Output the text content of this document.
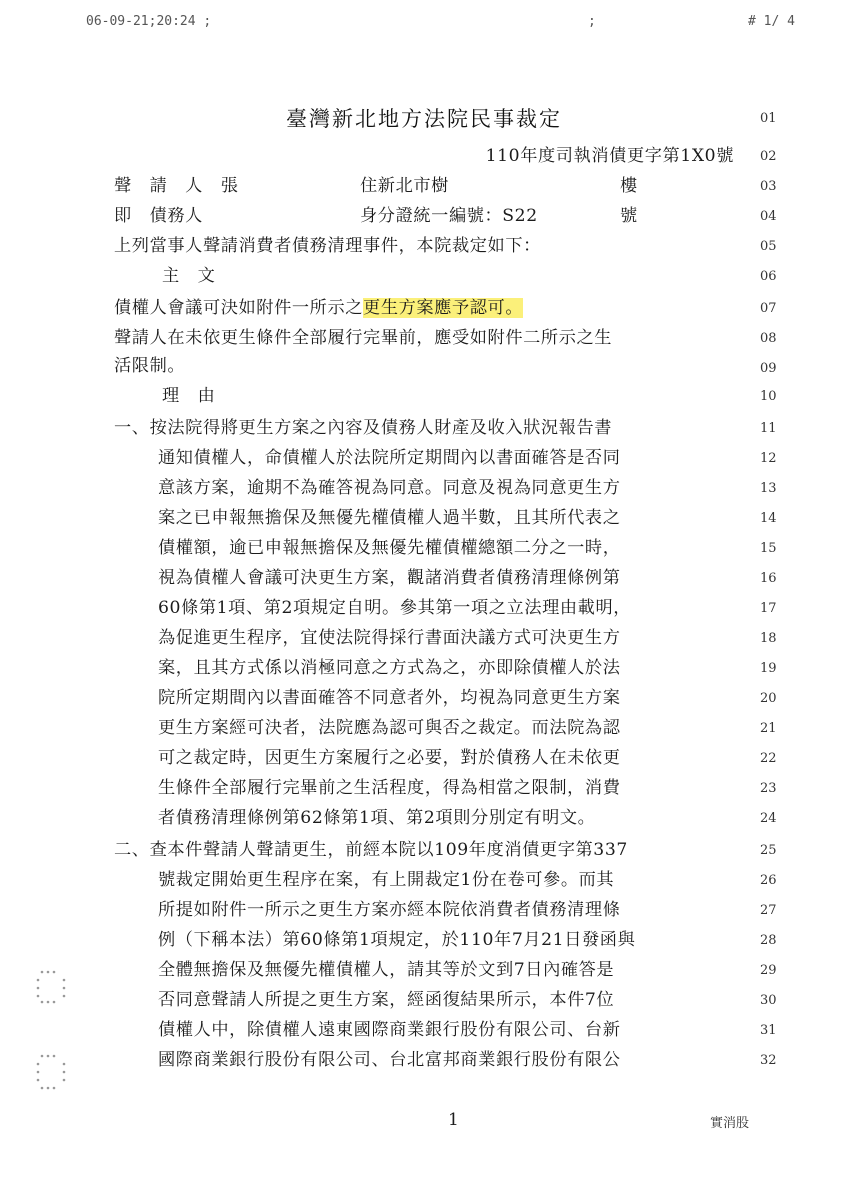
06-09-21;20:24 ;	;	# 1/ 4
臺灣新北地方法院民事裁定	01
110年度司執消債更字第1X0號 02
聲　請　人　張	住新北市樹	樓	03
即　債務人	身分證統一編號：S22	號	04
上列當事人聲請消費者債務清理事件，本院裁定如下：	05
主　文	06
債權人會議可決如附件一所示之更生方案應予認可。	07
聲請人在未依更生條件全部履行完畢前，應受如附件二所示之生	08
活限制。	09
理　由	10
一、按法院得將更生方案之內容及債務人財產及收入狀況報告書	11
通知債權人，命債權人於法院所定期間內以書面確答是否同	12
意該方案，逾期不為確答視為同意。同意及視為同意更生方	13
案之已申報無擔保及無優先權債權人過半數，且其所代表之	14
債權額，逾已申報無擔保及無優先權債權總額二分之一時，	15
視為債權人會議可決更生方案，觀諸消費者債務清理條例第	16
60條第1項、第2項規定自明。參其第一項之立法理由載明，	17
為促進更生程序，宜使法院得採行書面決議方式可決更生方	18
案，且其方式係以消極同意之方式為之，亦即除債權人於法	19
院所定期間內以書面確答不同意者外，均視為同意更生方案	20
更生方案經可決者，法院應為認可與否之裁定。而法院為認	21
可之裁定時，因更生方案履行之必要，對於債務人在未依更	22
生條件全部履行完畢前之生活程度，得為相當之限制，消費	23
者債務清理條例第62條第1項、第2項則分別定有明文。	24
二、查本件聲請人聲請更生，前經本院以109年度消債更字第337	25
號裁定開始更生程序在案，有上開裁定1份在卷可參。而其	26
所提如附件一所示之更生方案亦經本院依消費者債務清理條	27
例（下稱本法）第60條第1項規定，於110年7月21日發函與	28
全體無擔保及無優先權債權人，請其等於文到7日內確答是	29
否同意聲請人所提之更生方案，經函復結果所示，本件7位	30
債權人中，除債權人遠東國際商業銀行股份有限公司、台新	31
國際商業銀行股份有限公司、台北富邦商業銀行股份有限公	32
1	實消股
